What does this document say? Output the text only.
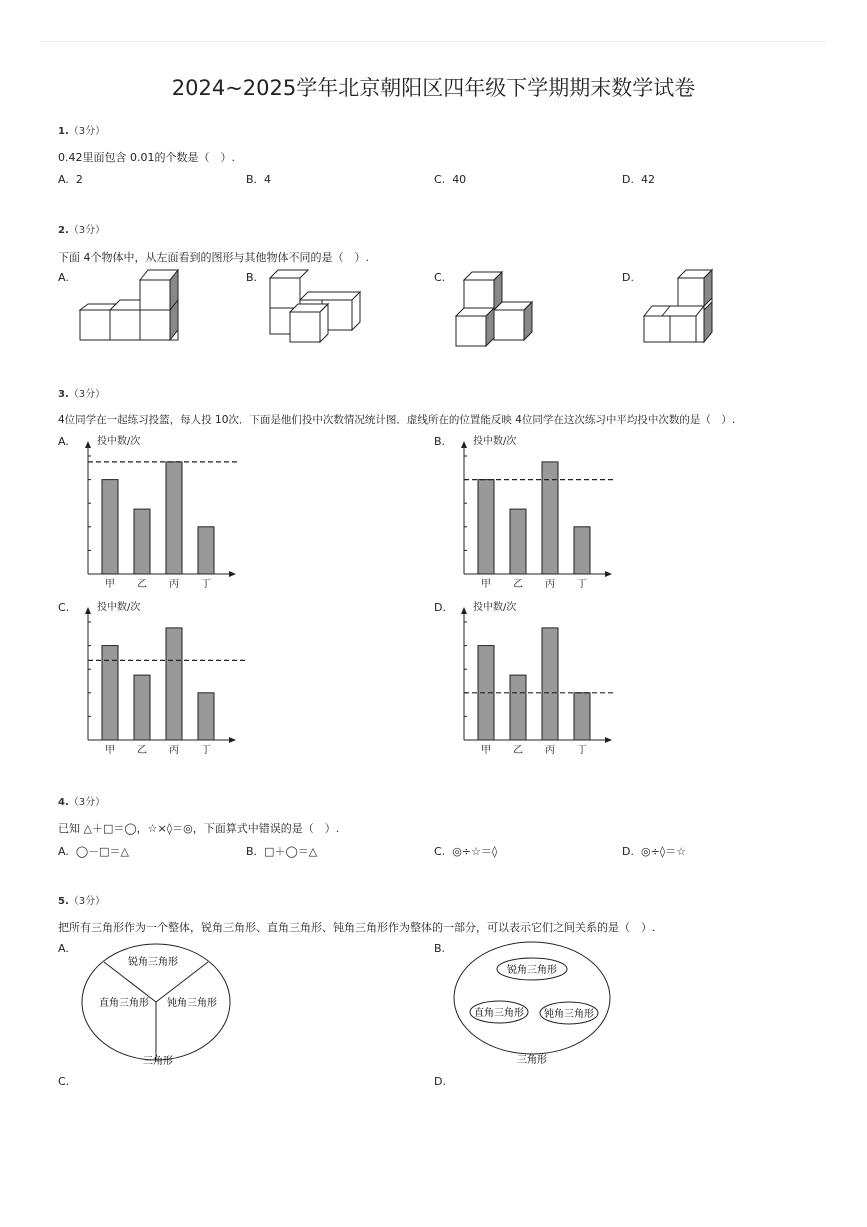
2024~2025学年北京朝阳区四年级下学期期末数学试卷
1.（3分）
0.42里面包含 0.01的个数是（　）.
A. 2	B. 4	C. 40	D. 42
2.（3分）
下面 4个物体中，从左面看到的图形与其他物体不同的是（　）.
A.	B.	C.	D.
3.（3分）
4位同学在一起练习投篮，每人投 10次．下面是他们投中次数情况统计图．虚线所在的位置能反映 4位同学在这次练习中平均投中次数的是（　）.
A.	B.
C.	D.
投中数/次
甲 乙 丙 丁
投中数/次
甲 乙 丙 丁
投中数/次
甲 乙 丙 丁
投中数/次
甲 乙 丙 丁
4.（3分）
已知 △＋□＝◯，☆×◊＝◎，下面算式中错误的是（　）.
A. ◯－□＝△	B. □＋◯＝△	C. ◎÷☆＝◊	D. ◎÷◊＝☆
5.（3分）
把所有三角形作为一个整体，锐角三角形、直角三角形、钝角三角形作为整体的一部分，可以表示它们之间关系的是（　）.
A.	B.
C.	D.
锐角三角形
直角三角形 钝角三角形
三角形
锐角三角形
直角三角形 钝角三角形
三角形
